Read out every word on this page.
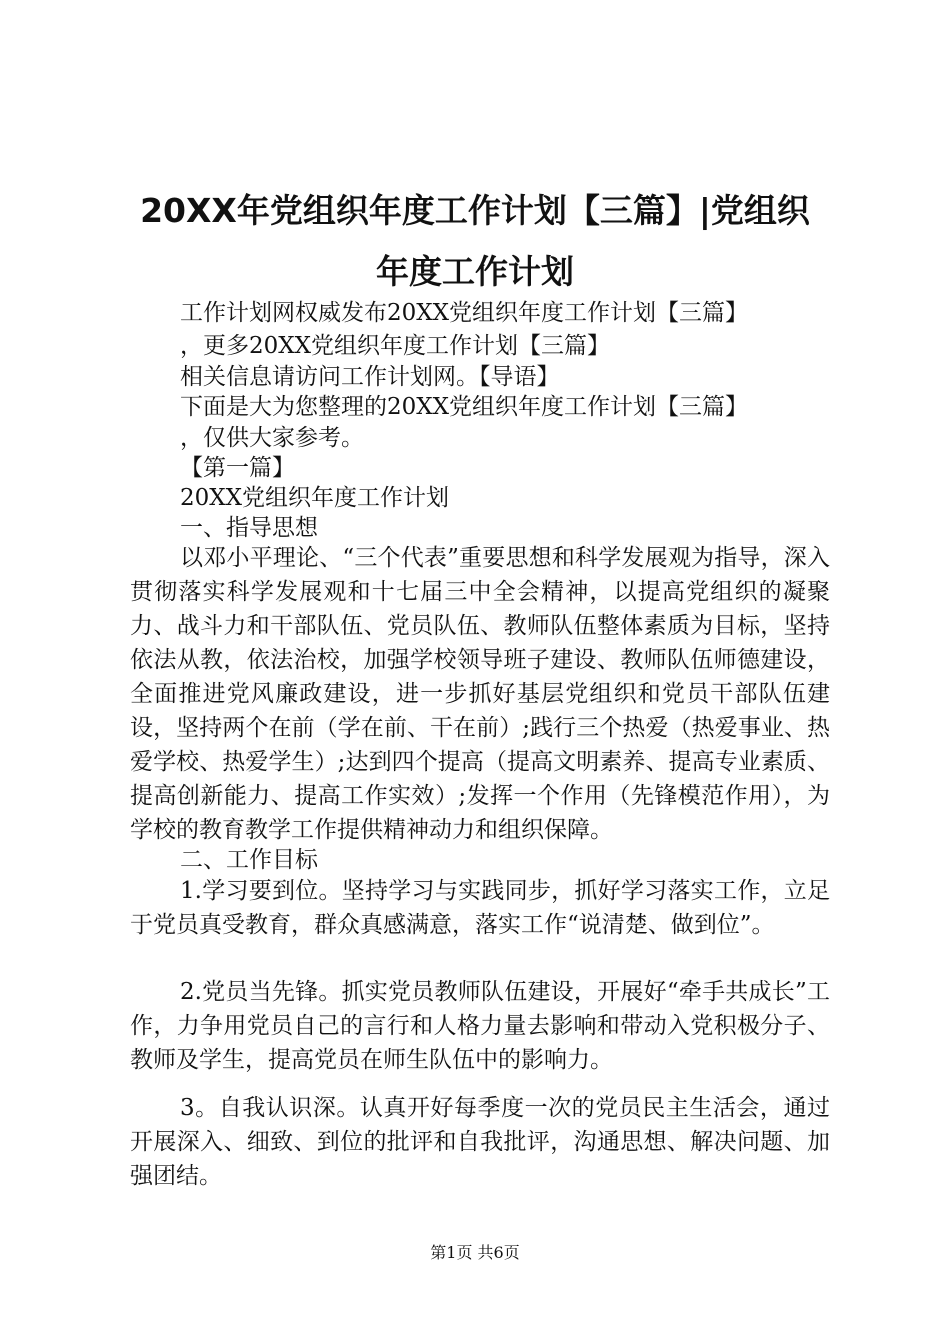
20XX年党组织年度工作计划【三篇】|党组织
年度工作计划
工作计划网权威发布20XX党组织年度工作计划【三篇】
，更多20XX党组织年度工作计划【三篇】
相关信息请访问工作计划网。【导语】
下面是大为您整理的20XX党组织年度工作计划【三篇】
，仅供大家参考。
【第一篇】
20XX党组织年度工作计划
一、指导思想
以邓小平理论、“三个代表”重要思想和科学发展观为指导，深入贯彻落实科学发展观和十七届三中全会精神，以提高党组织的凝聚力、战斗力和干部队伍、党员队伍、教师队伍整体素质为目标，坚持依法从教，依法治校，加强学校领导班子建设、教师队伍师德建设，全面推进党风廉政建设，进一步抓好基层党组织和党员干部队伍建设，坚持两个在前（学在前、干在前）;践行三个热爱（热爱事业、热爱学校、热爱学生）;达到四个提高（提高文明素养、提高专业素质、提高创新能力、提高工作实效）;发挥一个作用（先锋模范作用），为学校的教育教学工作提供精神动力和组织保障。
二、工作目标
1.学习要到位。坚持学习与实践同步，抓好学习落实工作，立足于党员真受教育，群众真感满意，落实工作“说清楚、做到位”。
2.党员当先锋。抓实党员教师队伍建设，开展好“牵手共成长”工作，力争用党员自己的言行和人格力量去影响和带动入党积极分子、教师及学生，提高党员在师生队伍中的影响力。
3。自我认识深。认真开好每季度一次的党员民主生活会，通过开展深入、细致、到位的批评和自我批评，沟通思想、解决问题、加强团结。
第1页 共6页
